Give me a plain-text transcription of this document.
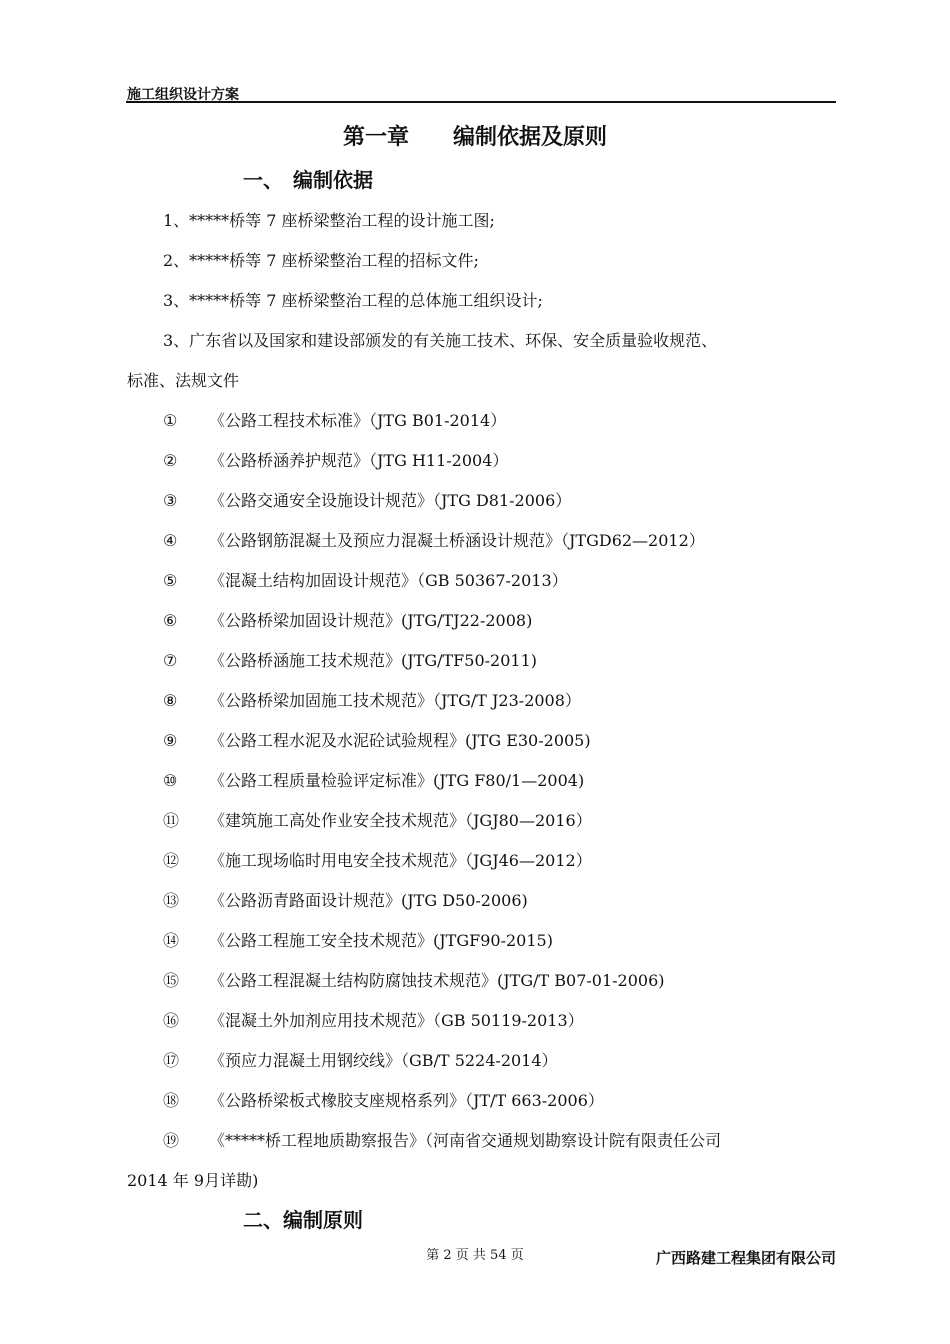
施工组织设计方案
第一章　　编制依据及原则
一、　编制依据
1、*****桥等 7 座桥梁整治工程的设计施工图;
2、*****桥等 7 座桥梁整治工程的招标文件;
3、*****桥等 7 座桥梁整治工程的总体施工组织设计;
3、广东省以及国家和建设部颁发的有关施工技术、环保、安全质量验收规范、
标准、法规文件
① 《公路工程技术标准》（JTG B01-2014）
② 《公路桥涵养护规范》（JTG H11-2004）
③ 《公路交通安全设施设计规范》（JTG D81-2006）
④ 《公路钢筋混凝土及预应力混凝土桥涵设计规范》（JTGD62—2012）
⑤ 《混凝土结构加固设计规范》（GB 50367-2013）
⑥ 《公路桥梁加固设计规范》(JTG/TJ22-2008)
⑦ 《公路桥涵施工技术规范》(JTG/TF50-2011)
⑧ 《公路桥梁加固施工技术规范》（JTG/T J23-2008）
⑨ 《公路工程水泥及水泥砼试验规程》(JTG E30-2005)
⑩ 《公路工程质量检验评定标准》(JTG F80/1—2004)
⑪ 《建筑施工高处作业安全技术规范》（JGJ80—2016）
⑫ 《施工现场临时用电安全技术规范》（JGJ46—2012）
⑬ 《公路沥青路面设计规范》(JTG D50-2006)
⑭ 《公路工程施工安全技术规范》(JTGF90-2015)
⑮ 《公路工程混凝土结构防腐蚀技术规范》(JTG/T B07-01-2006)
⑯ 《混凝土外加剂应用技术规范》（GB 50119-2013）
⑰ 《预应力混凝土用钢绞线》（GB/T 5224-2014）
⑱ 《公路桥梁板式橡胶支座规格系列》（JT/T 663-2006）
⑲ 《*****桥工程地质勘察报告》（河南省交通规划勘察设计院有限责任公司
2014 年 9月详勘)
二、编制原则
第 2 页 共 54 页	广西路建工程集团有限公司
